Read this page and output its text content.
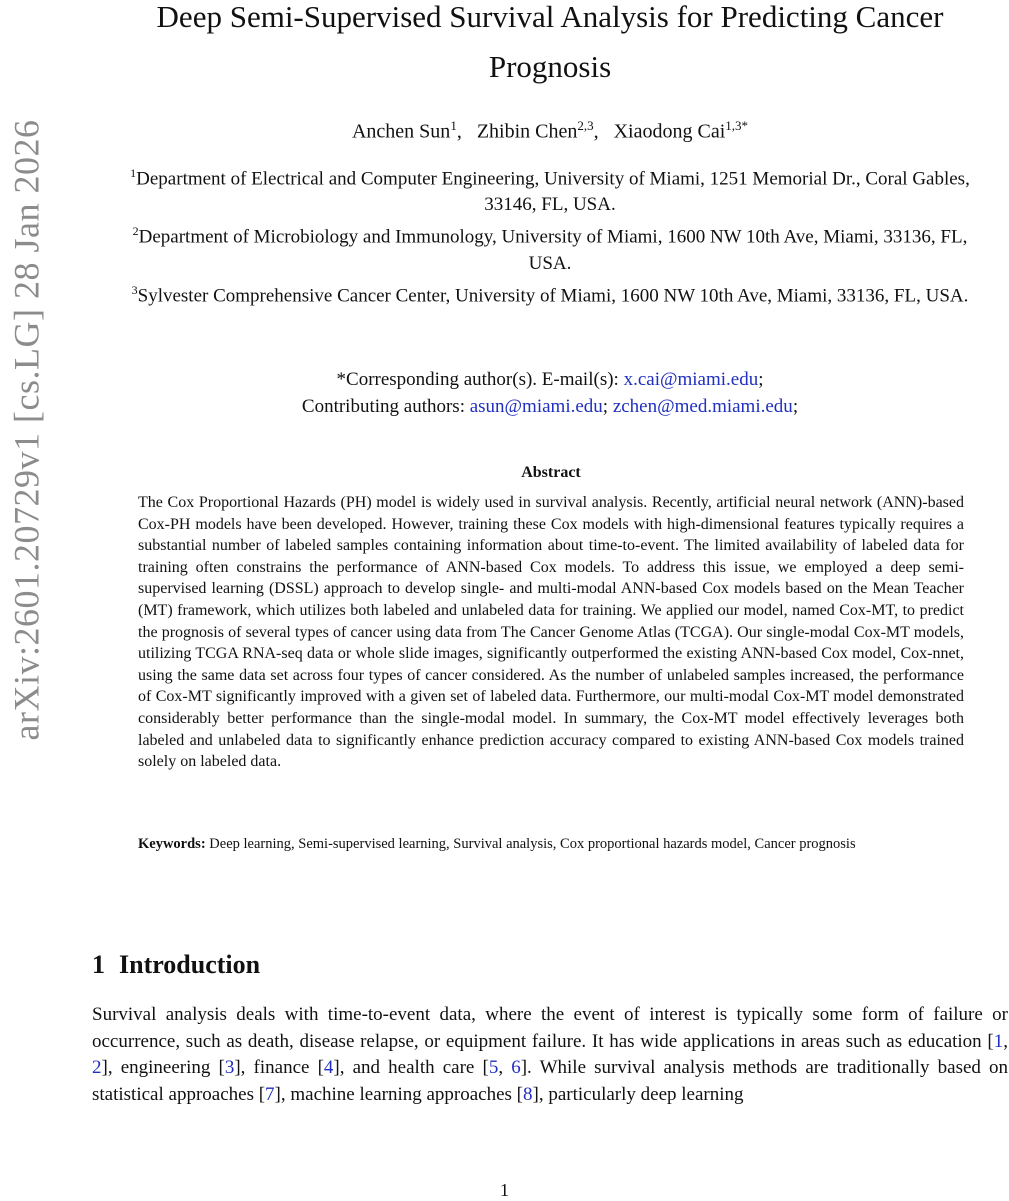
arXiv:2601.20729v1 [cs.LG] 28 Jan 2026
Deep Semi-Supervised Survival Analysis for Predicting Cancer Prognosis
Anchen Sun$^1$,   Zhibin Chen$^{2,3}$,   Xiaodong Cai$^{1,3*}$
$^1$Department of Electrical and Computer Engineering, University of Miami, 1251 Memorial Dr., Coral Gables, 33146, FL, USA.
$^2$Department of Microbiology and Immunology, University of Miami, 1600 NW 10th Ave, Miami, 33136, FL, USA.
$^3$Sylvester Comprehensive Cancer Center, University of Miami, 1600 NW 10th Ave, Miami, 33136, FL, USA.
*Corresponding author(s). E-mail(s): x.cai@miami.edu;
Contributing authors: asun@miami.edu; zchen@med.miami.edu;
Abstract
The Cox Proportional Hazards (PH) model is widely used in survival analysis. Recently, artificial neural network (ANN)-based Cox-PH models have been developed. However, training these Cox models with high-dimensional features typically requires a substantial number of labeled samples containing information about time-to-event. The limited availability of labeled data for training often constrains the performance of ANN-based Cox models. To address this issue, we employed a deep semi-supervised learning (DSSL) approach to develop single- and multi-modal ANN-based Cox models based on the Mean Teacher (MT) framework, which utilizes both labeled and unlabeled data for training. We applied our model, named Cox-MT, to predict the prognosis of several types of cancer using data from The Cancer Genome Atlas (TCGA). Our single-modal Cox-MT models, utilizing TCGA RNA-seq data or whole slide images, significantly outperformed the existing ANN-based Cox model, Cox-nnet, using the same data set across four types of cancer considered. As the number of unlabeled samples increased, the performance of Cox-MT significantly improved with a given set of labeled data. Furthermore, our multi-modal Cox-MT model demonstrated considerably better performance than the single-modal model. In summary, the Cox-MT model effectively leverages both labeled and unlabeled data to significantly enhance prediction accuracy compared to existing ANN-based Cox models trained solely on labeled data.
Keywords: Deep learning, Semi-supervised learning, Survival analysis, Cox proportional hazards model, Cancer prognosis
1 Introduction
Survival analysis deals with time-to-event data, where the event of interest is typically some form of failure or occurrence, such as death, disease relapse, or equipment failure. It has wide applications in areas such as education [1, 2], engineering [3], finance [4], and health care [5, 6]. While survival analysis methods are traditionally based on statistical approaches [7], machine learning approaches [8], particularly deep learning
1
